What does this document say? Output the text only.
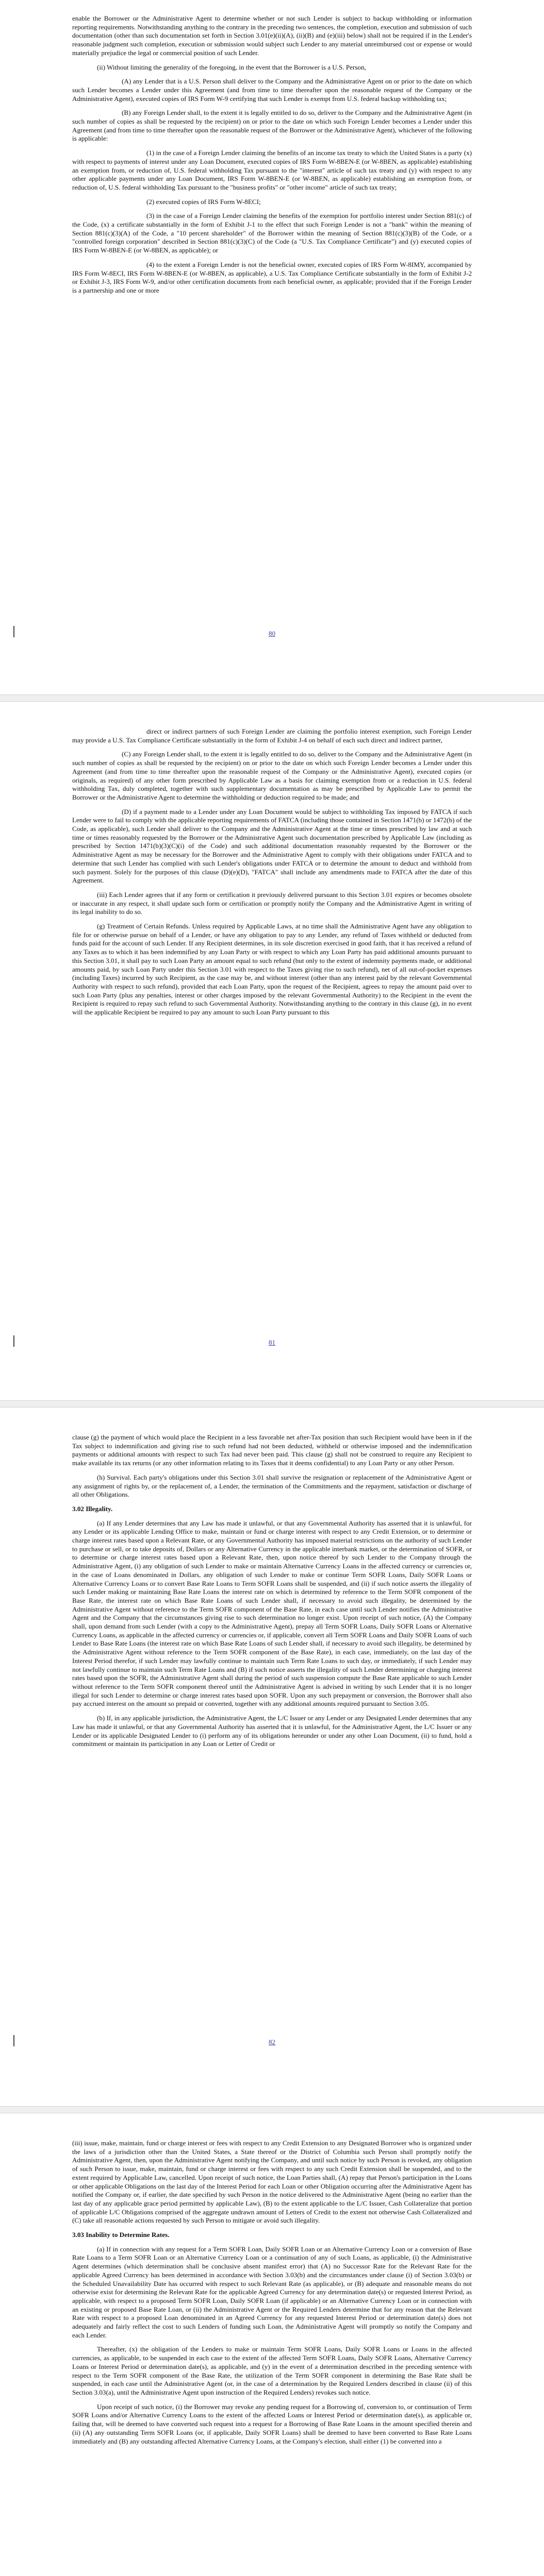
enable the Borrower or the Administrative Agent to determine whether or not such Lender is subject to backup withholding or information reporting requirements. Notwithstanding anything to the contrary in the preceding two sentences, the completion, execution and submission of such documentation (other than such documentation set forth in Section 3.01(e)(ii)(A), (ii)(B) and (e)(iii) below) shall not be required if in the Lender's reasonable judgment such completion, execution or submission would subject such Lender to any material unreimbursed cost or expense or would materially prejudice the legal or commercial position of such Lender.

(ii) Without limiting the generality of the foregoing, in the event that the Borrower is a U.S. Person,

(A) any Lender that is a U.S. Person shall deliver to the Company and the Administrative Agent on or prior to the date on which such Lender becomes a Lender under this Agreement (and from time to time thereafter upon the reasonable request of the Company or the Administrative Agent), executed copies of IRS Form W-9 certifying that such Lender is exempt from U.S. federal backup withholding tax;

(B) any Foreign Lender shall, to the extent it is legally entitled to do so, deliver to the Company and the Administrative Agent (in such number of copies as shall be requested by the recipient) on or prior to the date on which such Foreign Lender becomes a Lender under this Agreement (and from time to time thereafter upon the reasonable request of the Borrower or the Administrative Agent), whichever of the following is applicable:

(1) in the case of a Foreign Lender claiming the benefits of an income tax treaty to which the United States is a party (x) with respect to payments of interest under any Loan Document, executed copies of IRS Form W-8BEN-E (or W-8BEN, as applicable) establishing an exemption from, or reduction of, U.S. federal withholding Tax pursuant to the "interest" article of such tax treaty and (y) with respect to any other applicable payments under any Loan Document, IRS Form W-8BEN-E (or W-8BEN, as applicable) establishing an exemption from, or reduction of, U.S. federal withholding Tax pursuant to the "business profits" or "other income" article of such tax treaty;

(2) executed copies of IRS Form W-8ECI;

(3) in the case of a Foreign Lender claiming the benefits of the exemption for portfolio interest under Section 881(c) of the Code, (x) a certificate substantially in the form of Exhibit J-1 to the effect that such Foreign Lender is not a "bank" within the meaning of Section 881(c)(3)(A) of the Code, a "10 percent shareholder" of the Borrower within the meaning of Section 881(c)(3)(B) of the Code, or a "controlled foreign corporation" described in Section 881(c)(3)(C) of the Code (a "U.S. Tax Compliance Certificate") and (y) executed copies of IRS Form W-8BEN-E (or W-8BEN, as applicable); or

(4) to the extent a Foreign Lender is not the beneficial owner, executed copies of IRS Form W-8IMY, accompanied by IRS Form W-8ECI, IRS Form W-8BEN-E (or W-8BEN, as applicable), a U.S. Tax Compliance Certificate substantially in the form of Exhibit J-2 or Exhibit J-3, IRS Form W-9, and/or other certification documents from each beneficial owner, as applicable; provided that if the Foreign Lender is a partnership and one or more

80

direct or indirect partners of such Foreign Lender are claiming the portfolio interest exemption, such Foreign Lender may provide a U.S. Tax Compliance Certificate substantially in the form of Exhibit J-4 on behalf of each such direct and indirect partner,

(C) any Foreign Lender shall, to the extent it is legally entitled to do so, deliver to the Company and the Administrative Agent (in such number of copies as shall be requested by the recipient) on or prior to the date on which such Foreign Lender becomes a Lender under this Agreement (and from time to time thereafter upon the reasonable request of the Company or the Administrative Agent), executed copies (or originals, as required) of any other form prescribed by Applicable Law as a basis for claiming exemption from or a reduction in U.S. federal withholding Tax, duly completed, together with such supplementary documentation as may be prescribed by Applicable Law to permit the Borrower or the Administrative Agent to determine the withholding or deduction required to be made; and

(D) if a payment made to a Lender under any Loan Document would be subject to withholding Tax imposed by FATCA if such Lender were to fail to comply with the applicable reporting requirements of FATCA (including those contained in Section 1471(b) or 1472(b) of the Code, as applicable), such Lender shall deliver to the Company and the Administrative Agent at the time or times prescribed by law and at such time or times reasonably requested by the Borrower or the Administrative Agent such documentation prescribed by Applicable Law (including as prescribed by Section 1471(b)(3)(C)(i) of the Code) and such additional documentation reasonably requested by the Borrower or the Administrative Agent as may be necessary for the Borrower and the Administrative Agent to comply with their obligations under FATCA and to determine that such Lender has complied with such Lender's obligations under FATCA or to determine the amount to deduct and withhold from such payment. Solely for the purposes of this clause (D)(e)(D), "FATCA" shall include any amendments made to FATCA after the date of this Agreement.

(iii) Each Lender agrees that if any form or certification it previously delivered pursuant to this Section 3.01 expires or becomes obsolete or inaccurate in any respect, it shall update such form or certification or promptly notify the Company and the Administrative Agent in writing of its legal inability to do so.

(g) Treatment of Certain Refunds. Unless required by Applicable Laws, at no time shall the Administrative Agent have any obligation to file for or otherwise pursue on behalf of a Lender, or have any obligation to pay to any Lender, any refund of Taxes withheld or deducted from funds paid for the account of such Lender. If any Recipient determines, in its sole discretion exercised in good faith, that it has received a refund of any Taxes as to which it has been indemnified by any Loan Party or with respect to which any Loan Party has paid additional amounts pursuant to this Section 3.01, it shall pay to such Loan Party an amount equal to such refund (but only to the extent of indemnity payments made, or additional amounts paid, by such Loan Party under this Section 3.01 with respect to the Taxes giving rise to such refund), net of all out-of-pocket expenses (including Taxes) incurred by such Recipient, as the case may be, and without interest (other than any interest paid by the relevant Governmental Authority with respect to such refund), provided that each Loan Party, upon the request of the Recipient, agrees to repay the amount paid over to such Loan Party (plus any penalties, interest or other charges imposed by the relevant Governmental Authority) to the Recipient in the event the Recipient is required to repay such refund to such Governmental Authority. Notwithstanding anything to the contrary in this clause (g), in no event will the applicable Recipient be required to pay any amount to such Loan Party pursuant to this

81

clause (g) the payment of which would place the Recipient in a less favorable net after-Tax position than such Recipient would have been in if the Tax subject to indemnification and giving rise to such refund had not been deducted, withheld or otherwise imposed and the indemnification payments or additional amounts with respect to such Tax had never been paid. This clause (g) shall not be construed to require any Recipient to make available its tax returns (or any other information relating to its Taxes that it deems confidential) to any Loan Party or any other Person.

(h) Survival. Each party's obligations under this Section 3.01 shall survive the resignation or replacement of the Administrative Agent or any assignment of rights by, or the replacement of, a Lender, the termination of the Commitments and the repayment, satisfaction or discharge of all other Obligations.

3.02 Illegality.

(a) If any Lender determines that any Law has made it unlawful, or that any Governmental Authority has asserted that it is unlawful, for any Lender or its applicable Lending Office to make, maintain or fund or charge interest with respect to any Credit Extension, or to determine or charge interest rates based upon a Relevant Rate, or any Governmental Authority has imposed material restrictions on the authority of such Lender to purchase or sell, or to take deposits of, Dollars or any Alternative Currency in the applicable interbank market, or the determination of SOFR, or to determine or charge interest rates based upon a Relevant Rate, then, upon notice thereof by such Lender to the Company through the Administrative Agent, (i) any obligation of such Lender to make or maintain Alternative Currency Loans in the affected currency or currencies or, in the case of Loans denominated in Dollars, any obligation of such Lender to make or continue Term SOFR Loans, Daily SOFR Loans or Alternative Currency Loans or to convert Base Rate Loans to Term SOFR Loans shall be suspended, and (ii) if such notice asserts the illegality of such Lender making or maintaining Base Rate Loans the interest rate on which is determined by reference to the Term SOFR component of the Base Rate, the interest rate on which Base Rate Loans of such Lender shall, if necessary to avoid such illegality, be determined by the Administrative Agent without reference to the Term SOFR component of the Base Rate, in each case until such Lender notifies the Administrative Agent and the Company that the circumstances giving rise to such determination no longer exist. Upon receipt of such notice, (A) the Company shall, upon demand from such Lender (with a copy to the Administrative Agent), prepay all Term SOFR Loans, Daily SOFR Loans or Alternative Currency Loans, as applicable in the affected currency or currencies or, if applicable, convert all Term SOFR Loans and Daily SOFR Loans of such Lender to Base Rate Loans (the interest rate on which Base Rate Loans of such Lender shall, if necessary to avoid such illegality, be determined by the Administrative Agent without reference to the Term SOFR component of the Base Rate), in each case, immediately, on the last day of the Interest Period therefor, if such Lender may lawfully continue to maintain such Term Rate Loans to such day, or immediately, if such Lender may not lawfully continue to maintain such Term Rate Loans and (B) if such notice asserts the illegality of such Lender determining or charging interest rates based upon the SOFR, the Administrative Agent shall during the period of such suspension compute the Base Rate applicable to such Lender without reference to the Term SOFR component thereof until the Administrative Agent is advised in writing by such Lender that it is no longer illegal for such Lender to determine or charge interest rates based upon SOFR. Upon any such prepayment or conversion, the Borrower shall also pay accrued interest on the amount so prepaid or converted, together with any additional amounts required pursuant to Section 3.05.

(b) If, in any applicable jurisdiction, the Administrative Agent, the L/C Issuer or any Lender or any Designated Lender determines that any Law has made it unlawful, or that any Governmental Authority has asserted that it is unlawful, for the Administrative Agent, the L/C Issuer or any Lender or its applicable Designated Lender to (i) perform any of its obligations hereunder or under any other Loan Document, (ii) to fund, hold a commitment or maintain its participation in any Loan or Letter of Credit or

82

(iii) issue, make, maintain, fund or charge interest or fees with respect to any Credit Extension to any Designated Borrower who is organized under the laws of a jurisdiction other than the United States, a State thereof or the District of Columbia such Person shall promptly notify the Administrative Agent, then, upon the Administrative Agent notifying the Company, and until such notice by such Person is revoked, any obligation of such Person to issue, make, maintain, fund or charge interest or fees with respect to any such Credit Extension shall be suspended, and to the extent required by Applicable Law, cancelled. Upon receipt of such notice, the Loan Parties shall, (A) repay that Person's participation in the Loans or other applicable Obligations on the last day of the Interest Period for each Loan or other Obligation occurring after the Administrative Agent has notified the Company or, if earlier, the date specified by such Person in the notice delivered to the Administrative Agent (being no earlier than the last day of any applicable grace period permitted by applicable Law), (B) to the extent applicable to the L/C Issuer, Cash Collateralize that portion of applicable L/C Obligations comprised of the aggregate undrawn amount of Letters of Credit to the extent not otherwise Cash Collateralized and (C) take all reasonable actions requested by such Person to mitigate or avoid such illegality.

3.03 Inability to Determine Rates.

(a) If in connection with any request for a Term SOFR Loan, Daily SOFR Loan or an Alternative Currency Loan or a conversion of Base Rate Loans to a Term SOFR Loan or an Alternative Currency Loan or a continuation of any of such Loans, as applicable, (i) the Administrative Agent determines (which determination shall be conclusive absent manifest error) that (A) no Successor Rate for the Relevant Rate for the applicable Agreed Currency has been determined in accordance with Section 3.03(b) and the circumstances under clause (i) of Section 3.03(b) or the Scheduled Unavailability Date has occurred with respect to such Relevant Rate (as applicable), or (B) adequate and reasonable means do not otherwise exist for determining the Relevant Rate for the applicable Agreed Currency for any determination date(s) or requested Interest Period, as applicable, with respect to a proposed Term SOFR Loan, Daily SOFR Loan (if applicable) or an Alternative Currency Loan or in connection with an existing or proposed Base Rate Loan, or (ii) the Administrative Agent or the Required Lenders determine that for any reason that the Relevant Rate with respect to a proposed Loan denominated in an Agreed Currency for any requested Interest Period or determination date(s) does not adequately and fairly reflect the cost to such Lenders of funding such Loan, the Administrative Agent will promptly so notify the Company and each Lender.

Thereafter, (x) the obligation of the Lenders to make or maintain Term SOFR Loans, Daily SOFR Loans or Loans in the affected currencies, as applicable, to be suspended in each case to the extent of the affected Term SOFR Loans, Daily SOFR Loans, Alternative Currency Loans or Interest Period or determination date(s), as applicable, and (y) in the event of a determination described in the preceding sentence with respect to the Term SOFR component of the Base Rate, the utilization of the Term SOFR component in determining the Base Rate shall be suspended, in each case until the Administrative Agent (or, in the case of a determination by the Required Lenders described in clause (ii) of this Section 3.03(a), until the Administrative Agent upon instruction of the Required Lenders) revokes such notice.

Upon receipt of such notice, (i) the Borrower may revoke any pending request for a Borrowing of, conversion to, or continuation of Term SOFR Loans and/or Alternative Currency Loans to the extent of the affected Loans or Interest Period or determination date(s), as applicable or, failing that, will be deemed to have converted such request into a request for a Borrowing of Base Rate Loans in the amount specified therein and (ii) (A) any outstanding Term SOFR Loans (or, if applicable, Daily SOFR Loans) shall be deemed to have been converted to Base Rate Loans immediately and (B) any outstanding affected Alternative Currency Loans, at the Company's election, shall either (1) be converted into a
